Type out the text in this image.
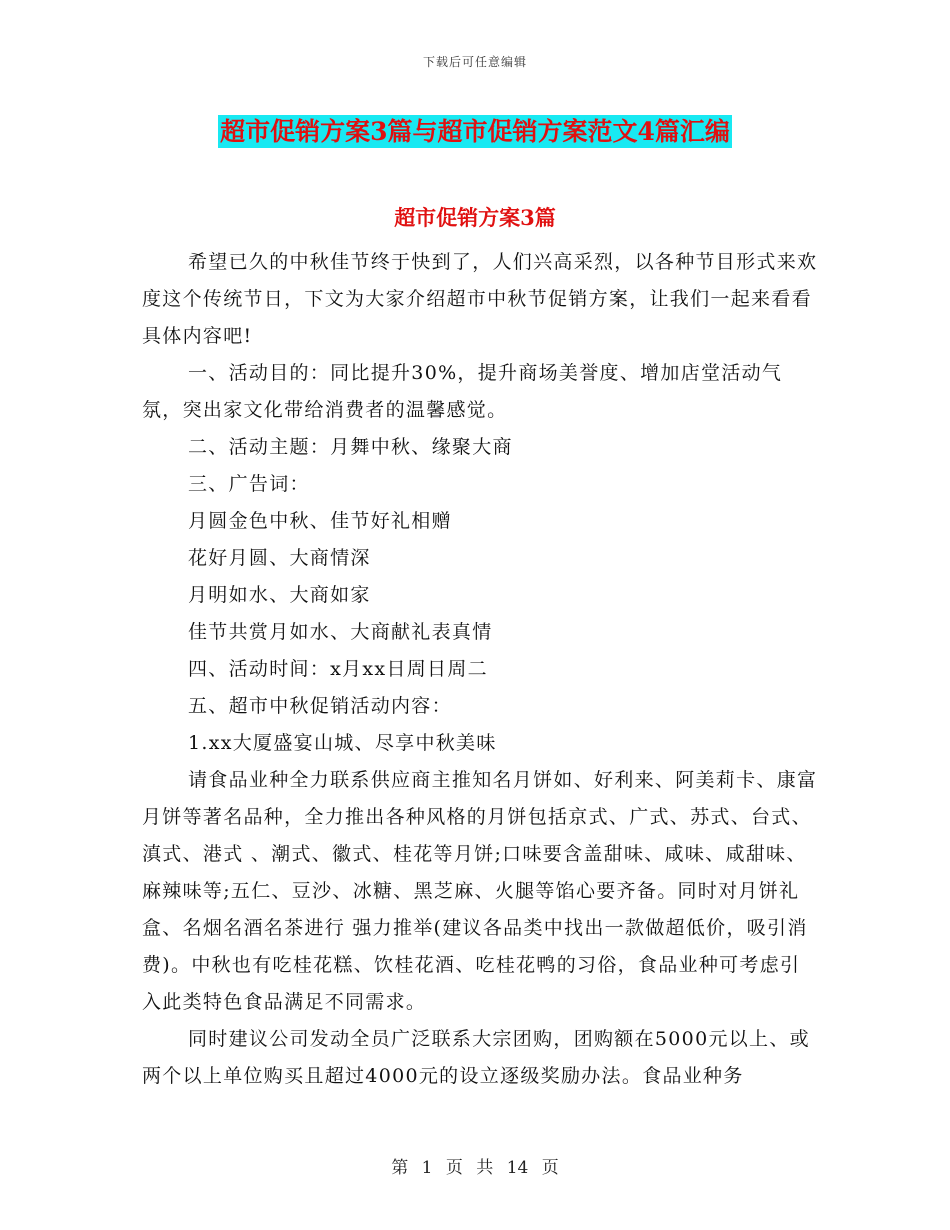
下载后可任意编辑
超市促销方案3篇与超市促销方案范文4篇汇编
超市促销方案3篇

希望已久的中秋佳节终于快到了，人们兴高采烈，以各种节目形式来欢度这个传统节日，下文为大家介绍超市中秋节促销方案，让我们一起来看看具体内容吧!

一、活动目的：同比提升30%，提升商场美誉度、增加店堂活动气氛，突出家文化带给消费者的温馨感觉。

二、活动主题：月舞中秋、缘聚大商

三、广告词：

月圆金色中秋、佳节好礼相赠

花好月圆、大商情深

月明如水、大商如家

佳节共赏月如水、大商献礼表真情

四、活动时间：x月xx日周日周二

五、超市中秋促销活动内容：

1.xx大厦盛宴山城、尽享中秋美味

请食品业种全力联系供应商主推知名月饼如、好利来、阿美莉卡、康富月饼等著名品种，全力推出各种风格的月饼包括京式、广式、苏式、台式、滇式、港式 、潮式、徽式、桂花等月饼;口味要含盖甜味、咸味、咸甜味、麻辣味等;五仁、豆沙、冰糖、黑芝麻、火腿等馅心要齐备。同时对月饼礼盒、名烟名酒名茶进行 强力推举(建议各品类中找出一款做超低价，吸引消费)。中秋也有吃桂花糕、饮桂花酒、吃桂花鸭的习俗，食品业种可考虑引入此类特色食品满足不同需求。

同时建议公司发动全员广泛联系大宗团购，团购额在5000元以上、或两个以上单位购买且超过4000元的设立逐级奖励办法。食品业种务

第 1 页 共 14 页
